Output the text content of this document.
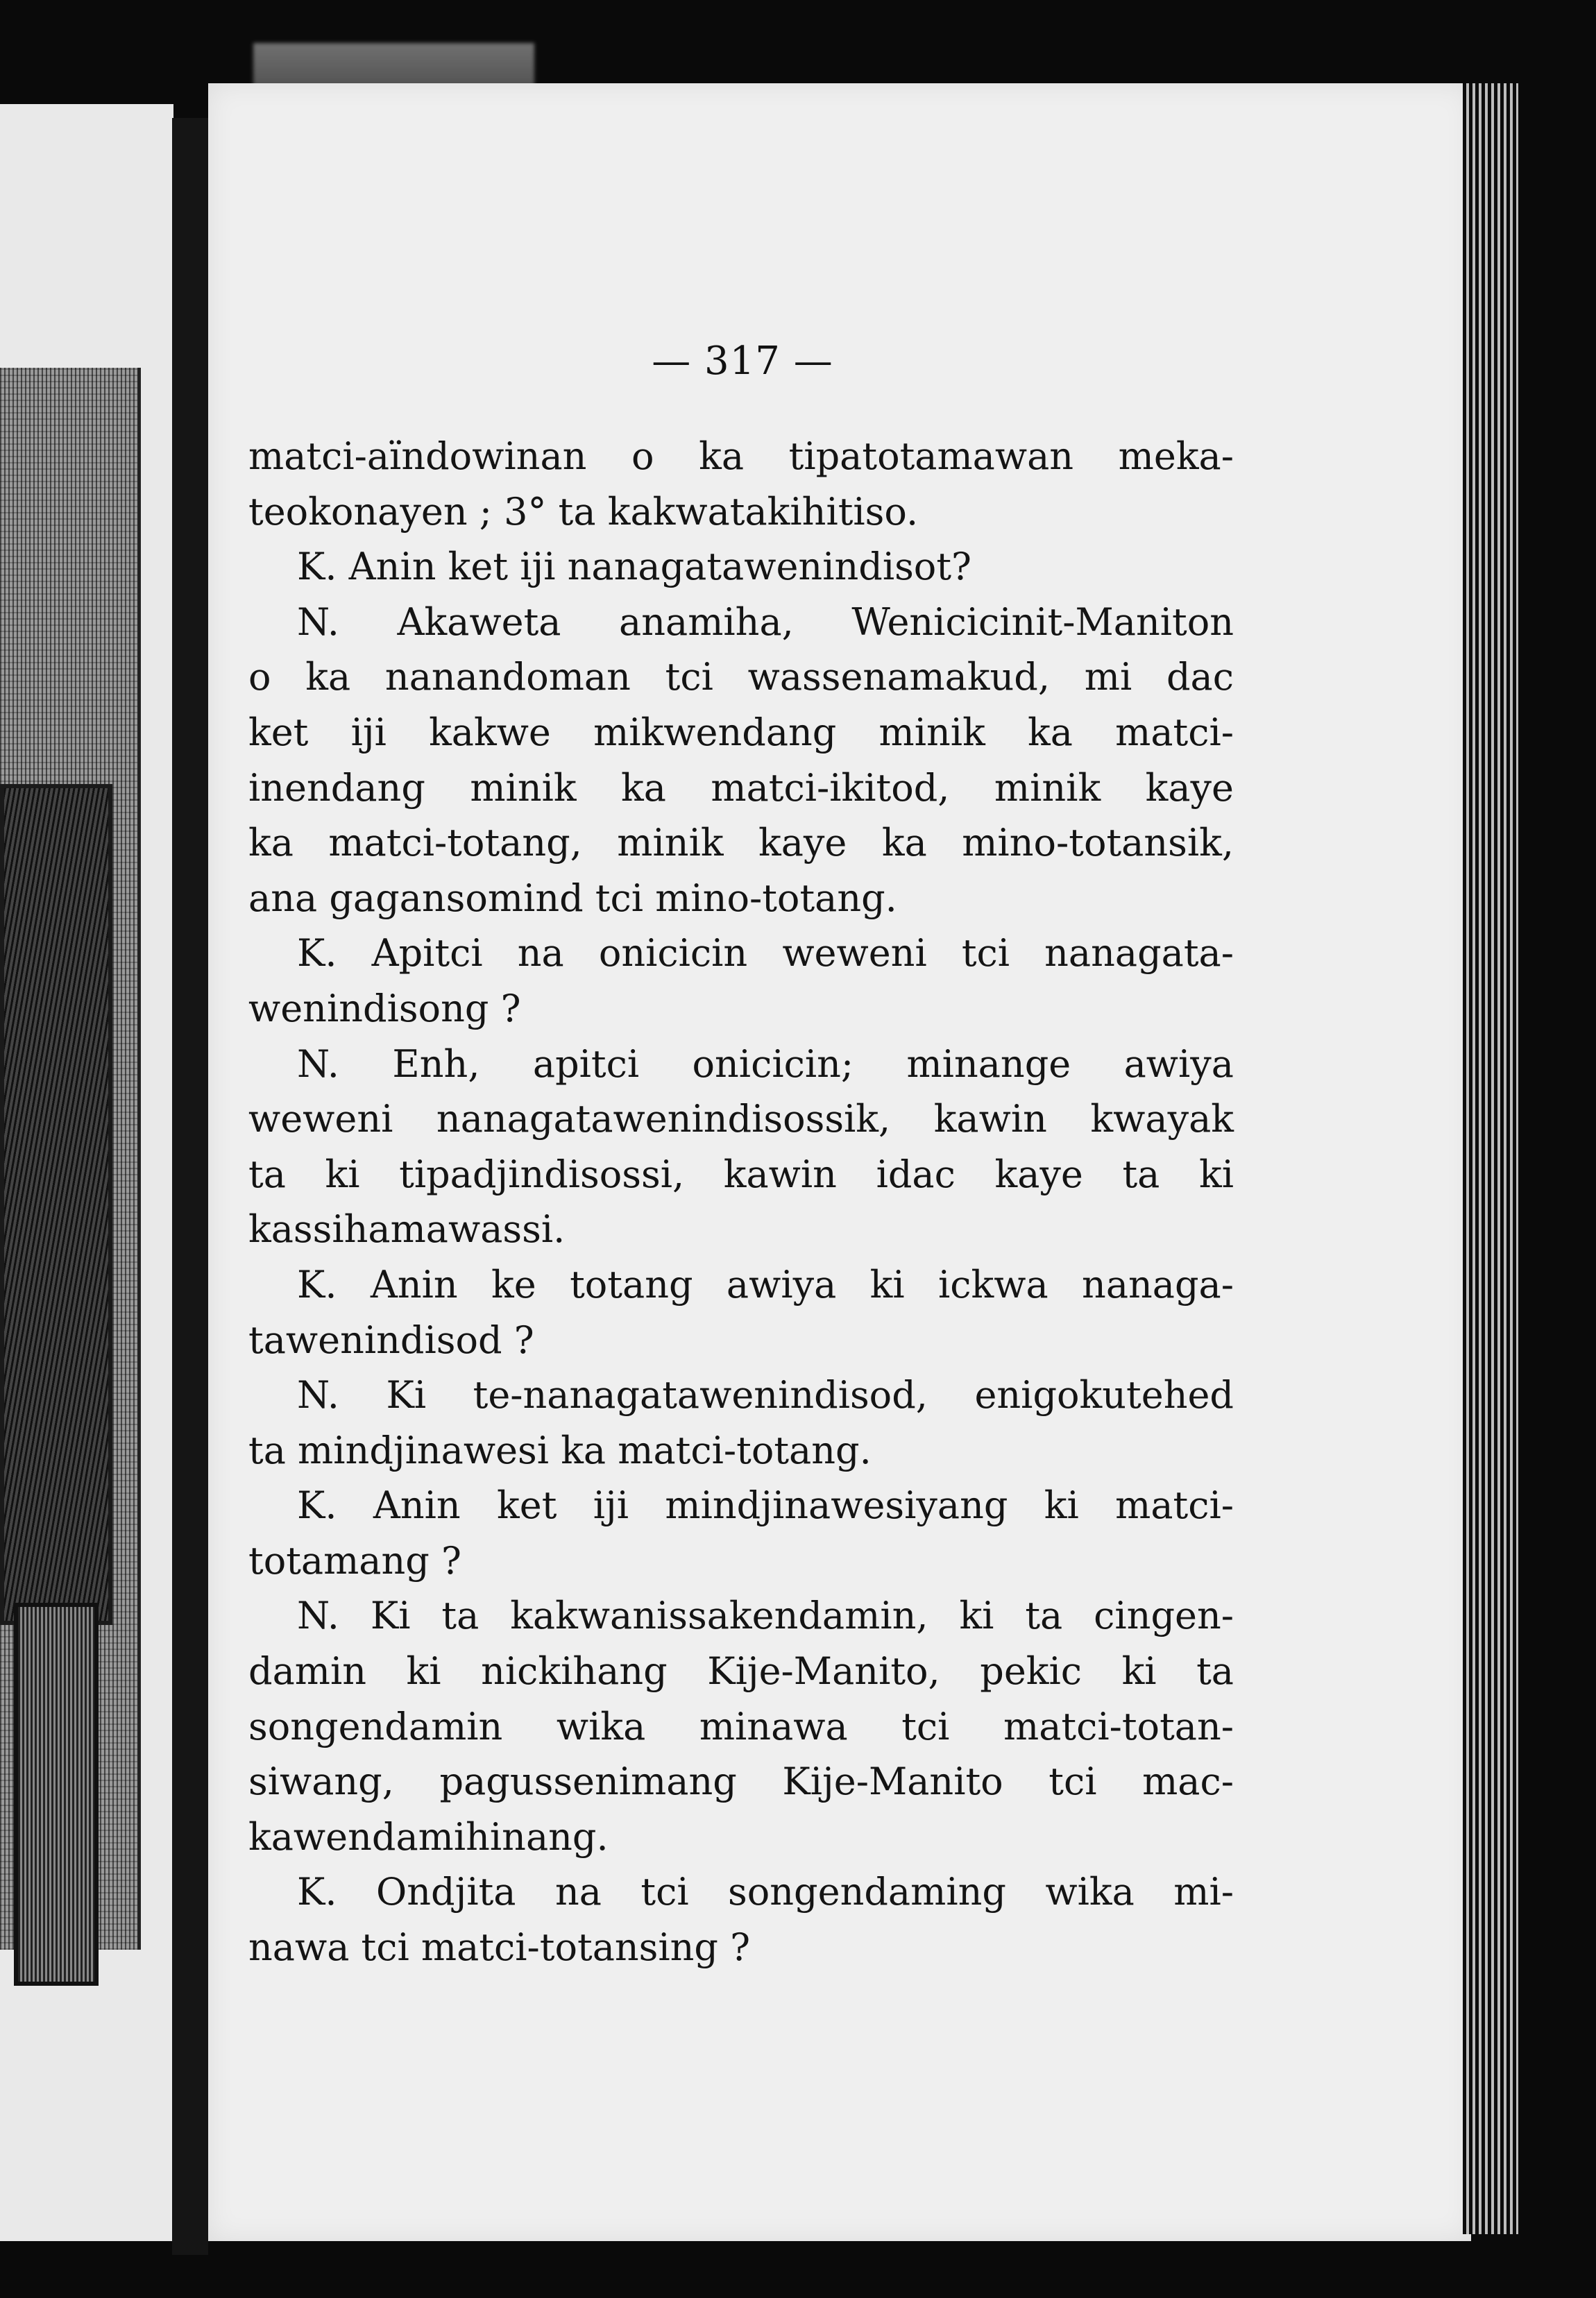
— 317 —
matci-aïndowinan o ka tipatotamawan meka-
teokonayen ; 3° ta kakwatakihitiso.
K. Anin ket iji nanagatawenindisot?
N. Akaweta anamiha, Wenicicinit-Maniton
o ka nanandoman tci wassenamakud, mi dac
ket iji kakwe mikwendang minik ka matci-
inendang minik ka matci-ikitod, minik kaye
ka matci-totang, minik kaye ka mino-totansik,
ana gagansomind tci mino-totang.
K. Apitci na onicicin weweni tci nanagata-
wenindisong ?
N. Enh, apitci onicicin; minange awiya
weweni nanagatawenindisossik, kawin kwayak
ta ki tipadjindisossi, kawin idac kaye ta ki
kassihamawassi.
K. Anin ke totang awiya ki ickwa nanaga-
tawenindisod ?
N. Ki te-nanagatawenindisod, enigokutehed
ta mindjinawesi ka matci-totang.
K. Anin ket iji mindjinawesiyang ki matci-
totamang ?
N. Ki ta kakwanissakendamin, ki ta cingen-
damin ki nickihang Kije-Manito, pekic ki ta
songendamin wika minawa tci matci-totan-
siwang, pagussenimang Kije-Manito tci mac-
kawendamihinang.
K. Ondjita na tci songendaming wika mi-
nawa tci matci-totansing ?
